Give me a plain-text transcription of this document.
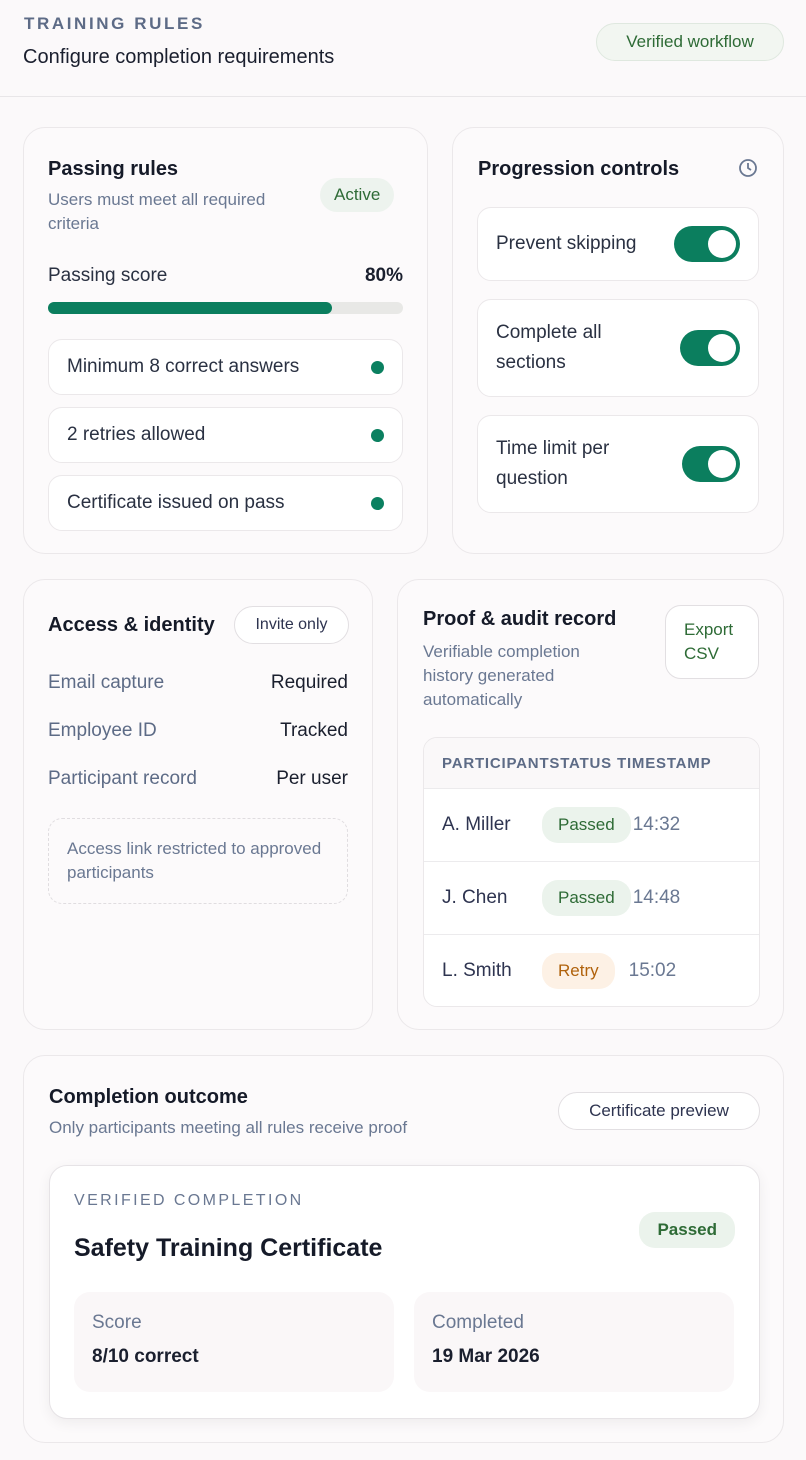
TRAINING RULES
Configure completion requirements
Verified workflow
Passing rules
Users must meet all required criteria
Active
Passing score	80%
Minimum 8 correct answers
2 retries allowed
Certificate issued on pass
Progression controls
Prevent skipping
Complete all sections
Time limit per question
Access & identity	Invite only
Email capture	Required
Employee ID	Tracked
Participant record	Per user
Access link restricted to approved participants
Proof & audit record
Verifiable completion history generated automatically
Export CSV
PARTICIPANT STATUS TIMESTAMP
A. Miller	Passed 14:32
J. Chen	Passed 14:48
L. Smith	Retry	15:02
Completion outcome
Only participants meeting all rules receive proof
Certificate preview
VERIFIED COMPLETION
Safety Training Certificate
Passed
Score
8/10 correct
Completed
19 Mar 2026
